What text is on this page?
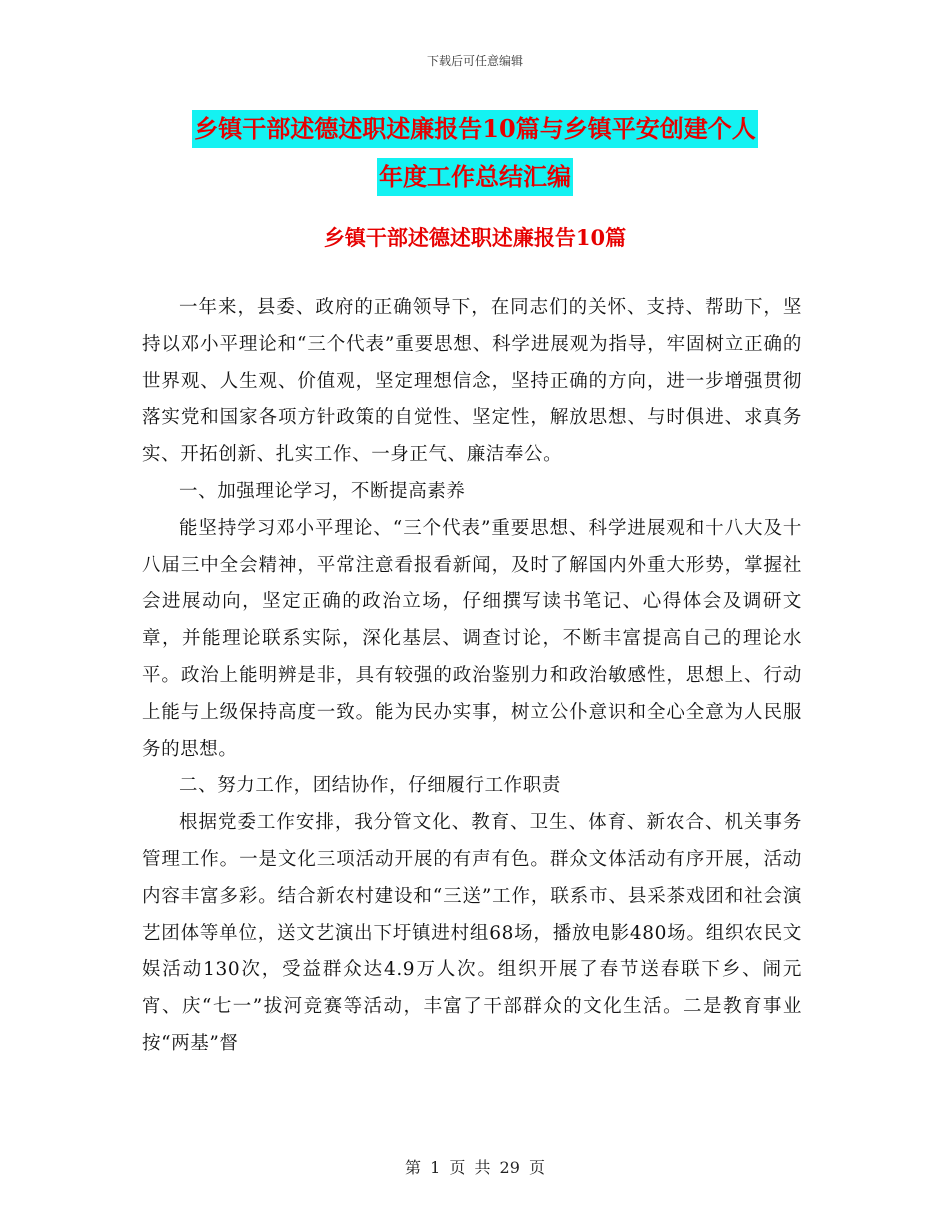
下载后可任意编辑
乡镇干部述德述职述廉报告10篇与乡镇平安创建个人
年度工作总结汇编
乡镇干部述德述职述廉报告10篇

一年来，县委、政府的正确领导下，在同志们的关怀、支持、帮助下，坚持以邓小平理论和“三个代表”重要思想、科学进展观为指导，牢固树立正确的世界观、人生观、价值观，坚定理想信念，坚持正确的方向，进一步增强贯彻落实党和国家各项方针政策的自觉性、坚定性，解放思想、与时俱进、求真务实、开拓创新、扎实工作、一身正气、廉洁奉公。

一、加强理论学习，不断提高素养

能坚持学习邓小平理论、“三个代表”重要思想、科学进展观和十八大及十八届三中全会精神，平常注意看报看新闻，及时了解国内外重大形势，掌握社会进展动向，坚定正确的政治立场，仔细撰写读书笔记、心得体会及调研文章，并能理论联系实际，深化基层、调查讨论，不断丰富提高自己的理论水平。政治上能明辨是非，具有较强的政治鉴别力和政治敏感性，思想上、行动上能与上级保持高度一致。能为民办实事，树立公仆意识和全心全意为人民服务的思想。

二、努力工作，团结协作，仔细履行工作职责

根据党委工作安排，我分管文化、教育、卫生、体育、新农合、机关事务管理工作。一是文化三项活动开展的有声有色。群众文体活动有序开展，活动内容丰富多彩。结合新农村建设和“三送”工作，联系市、县采茶戏团和社会演艺团体等单位，送文艺演出下圩镇进村组68场，播放电影480场。组织农民文娱活动130次，受益群众达4.9万人次。组织开展了春节送春联下乡、闹元宵、庆“七一”拔河竞赛等活动，丰富了干部群众的文化生活。二是教育事业按“两基”督

第 1 页 共 29 页
